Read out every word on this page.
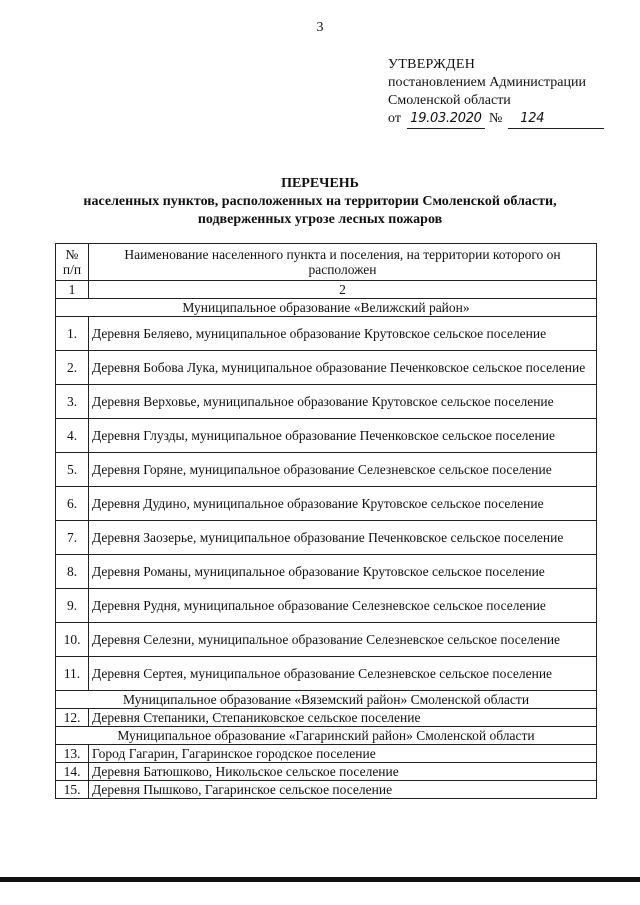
3
УТВЕРЖДЕН
постановлением Администрации
Смоленской области
от 19.03.2020 № 124
ПЕРЕЧЕНЬ
населенных пунктов, расположенных на территории Смоленской области,
подверженных угрозе лесных пожаров
№ п/п	Наименование населенного пункта и поселения, на территории которого он расположен
1	2
Муниципальное образование «Велижский район»	
1.	Деревня Беляево, муниципальное образование Крутовское сельское поселение
2.	Деревня Бобова Лука, муниципальное образование Печенковское сельское поселение
3.	Деревня Верховье, муниципальное образование Крутовское сельское поселение
4.	Деревня Глузды, муниципальное образование Печенковское сельское поселение
5.	Деревня Горяне, муниципальное образование Селезневское сельское поселение
6.	Деревня Дудино, муниципальное образование Крутовское сельское поселение
7.	Деревня Заозерье, муниципальное образование Печенковское сельское поселение
8.	Деревня Романы, муниципальное образование Крутовское сельское поселение
9.	Деревня Рудня, муниципальное образование Селезневское сельское поселение
10.	Деревня Селезни, муниципальное образование Селезневское сельское поселение
11.	Деревня Сертея, муниципальное образование Селезневское сельское поселение
Муниципальное образование «Вяземский район» Смоленской области	
12.	Деревня Степаники, Степаниковское сельское поселение
Муниципальное образование «Гагаринский район» Смоленской области	
13.	Город Гагарин, Гагаринское городское поселение
14.	Деревня Батюшково, Никольское сельское поселение
15.	Деревня Пышково, Гагаринское сельское поселение
